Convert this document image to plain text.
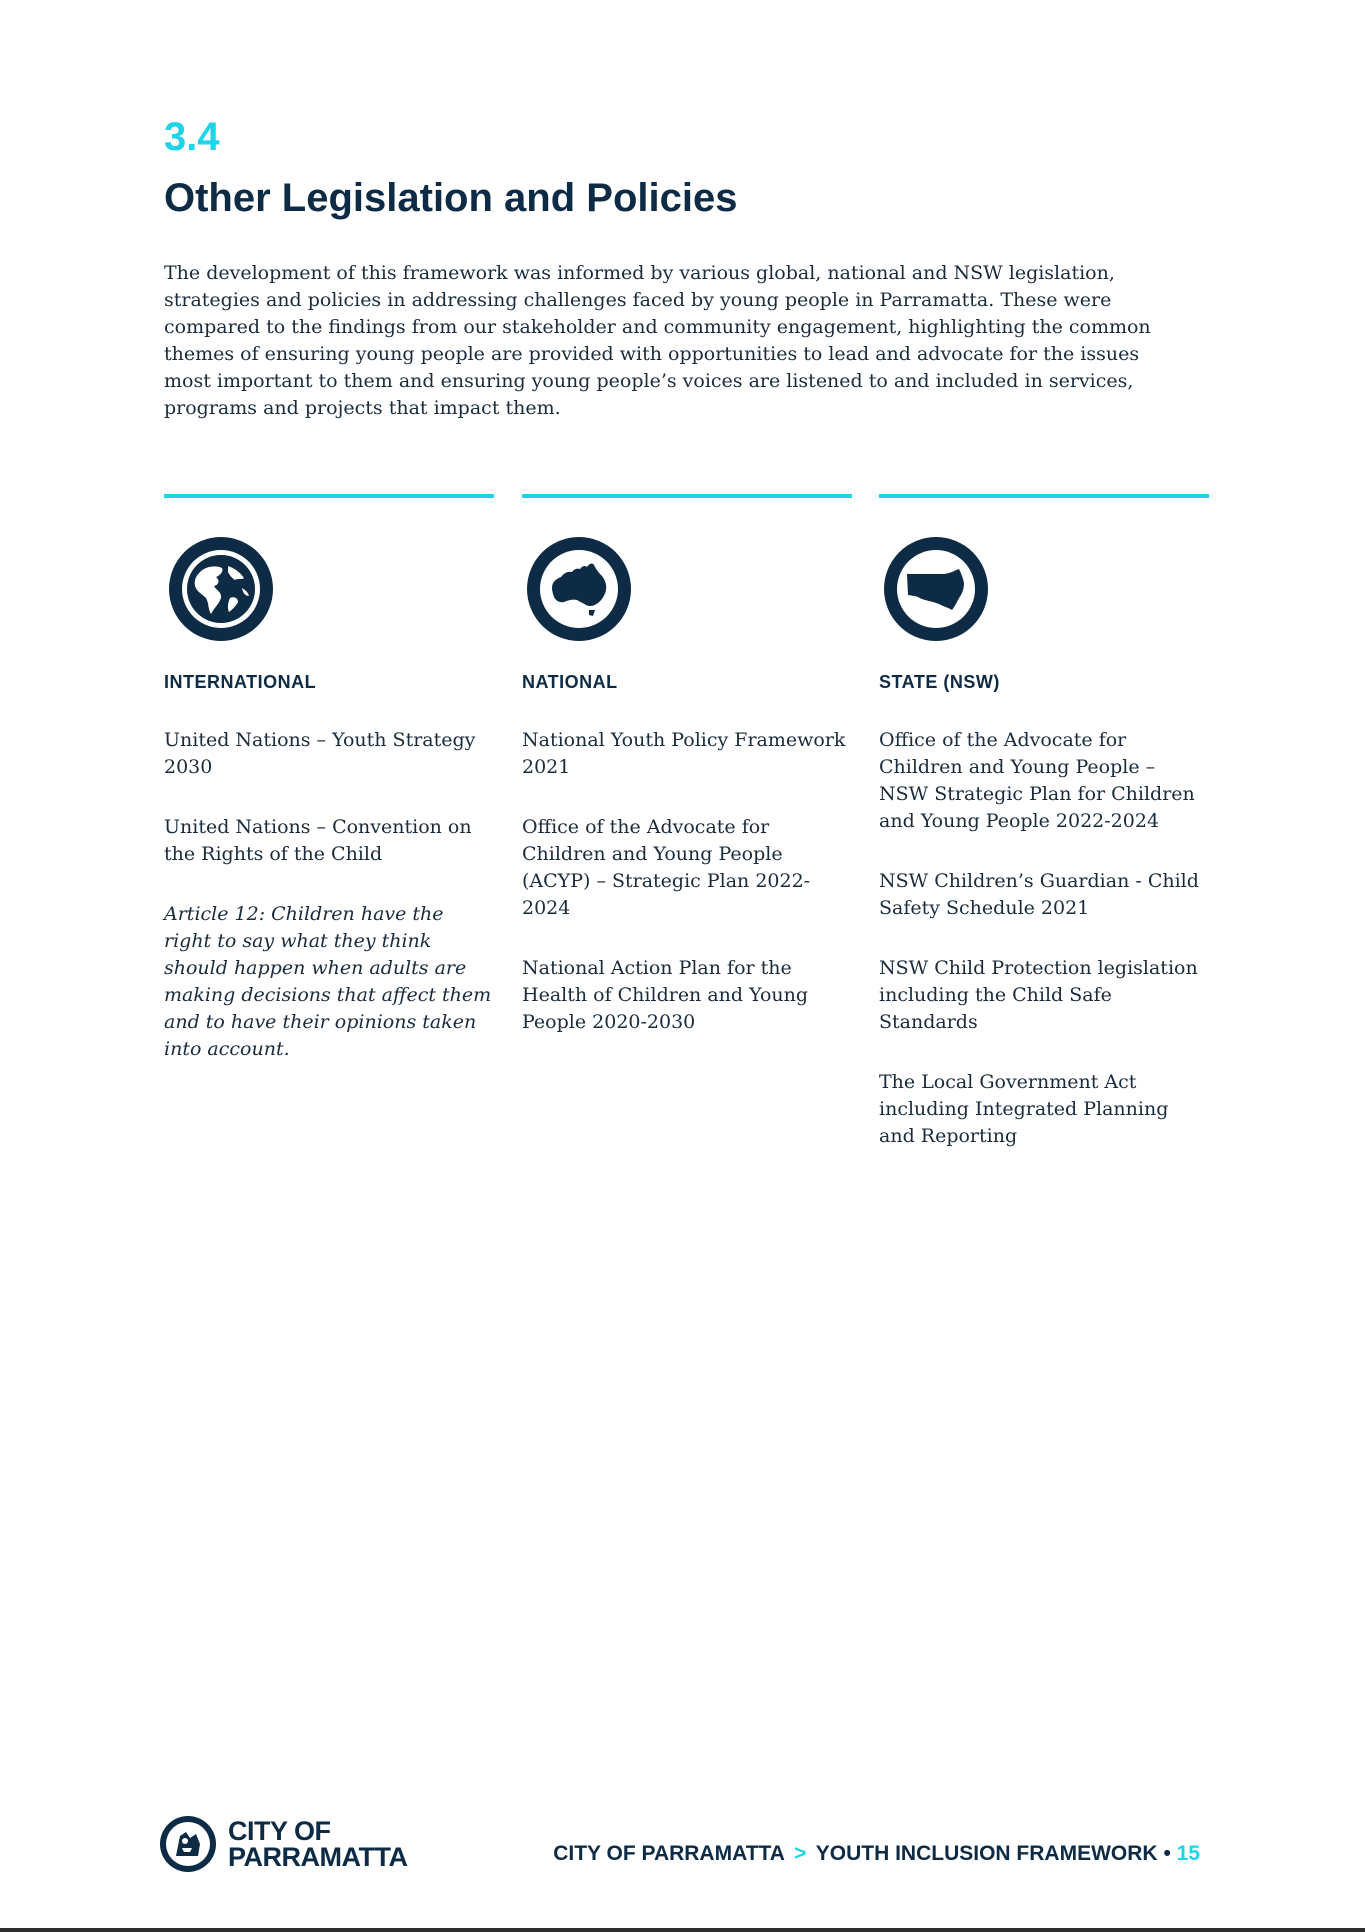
3.4
Other Legislation and Policies

The development of this framework was informed by various global, national and NSW legislation, strategies and policies in addressing challenges faced by young people in Parramatta. These were compared to the findings from our stakeholder and community engagement, highlighting the common themes of ensuring young people are provided with opportunities to lead and advocate for the issues most important to them and ensuring young people’s voices are listened to and included in services, programs and projects that impact them.

INTERNATIONAL
United Nations – Youth Strategy 2030
United Nations – Convention on the Rights of the Child
Article 12: Children have the right to say what they think should happen when adults are making decisions that affect them and to have their opinions taken into account.
NATIONAL
National Youth Policy Framework 2021
Office of the Advocate for Children and Young People (ACYP) – Strategic Plan 2022-2024
National Action Plan for the Health of Children and Young People 2020-2030
STATE (NSW)
Office of the Advocate for Children and Young People – NSW Strategic Plan for Children and Young People 2022-2024
NSW Children’s Guardian - Child Safety Schedule 2021
NSW Child Protection legislation including the Child Safe Standards
The Local Government Act including Integrated Planning and Reporting
CITY OF
PARRAMATTA	CITY OF PARRAMATTA > YOUTH INCLUSION FRAMEWORK • 15
